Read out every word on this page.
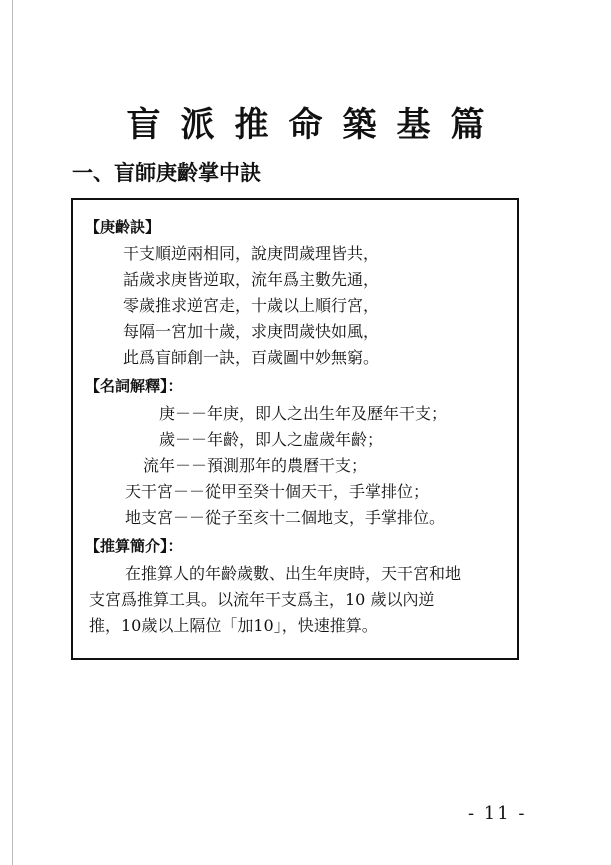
盲派推命築基篇
一、盲師庚齡掌中訣
【庚齡訣】
干支順逆兩相同，說庚問歲理皆共，
話歲求庚皆逆取，流年爲主數先通，
零歲推求逆宮走，十歲以上順行宮，
每隔一宮加十歲，求庚問歲快如風，
此爲盲師創一訣，百歲圖中妙無窮。
【名詞解釋】：
庚－－年庚，即人之出生年及歷年干支；
歲－－年齡，即人之虛歲年齡；
流年－－預測那年的農曆干支；
天干宮－－從甲至癸十個天干，手掌排位；
地支宮－－從子至亥十二個地支，手掌排位。
【推算簡介】：
在推算人的年齡歲數、出生年庚時，天干宮和地
支宮爲推算工具。以流年干支爲主，10 歲以內逆
推，10歲以上隔位「加10」，快速推算。
- 11 -
